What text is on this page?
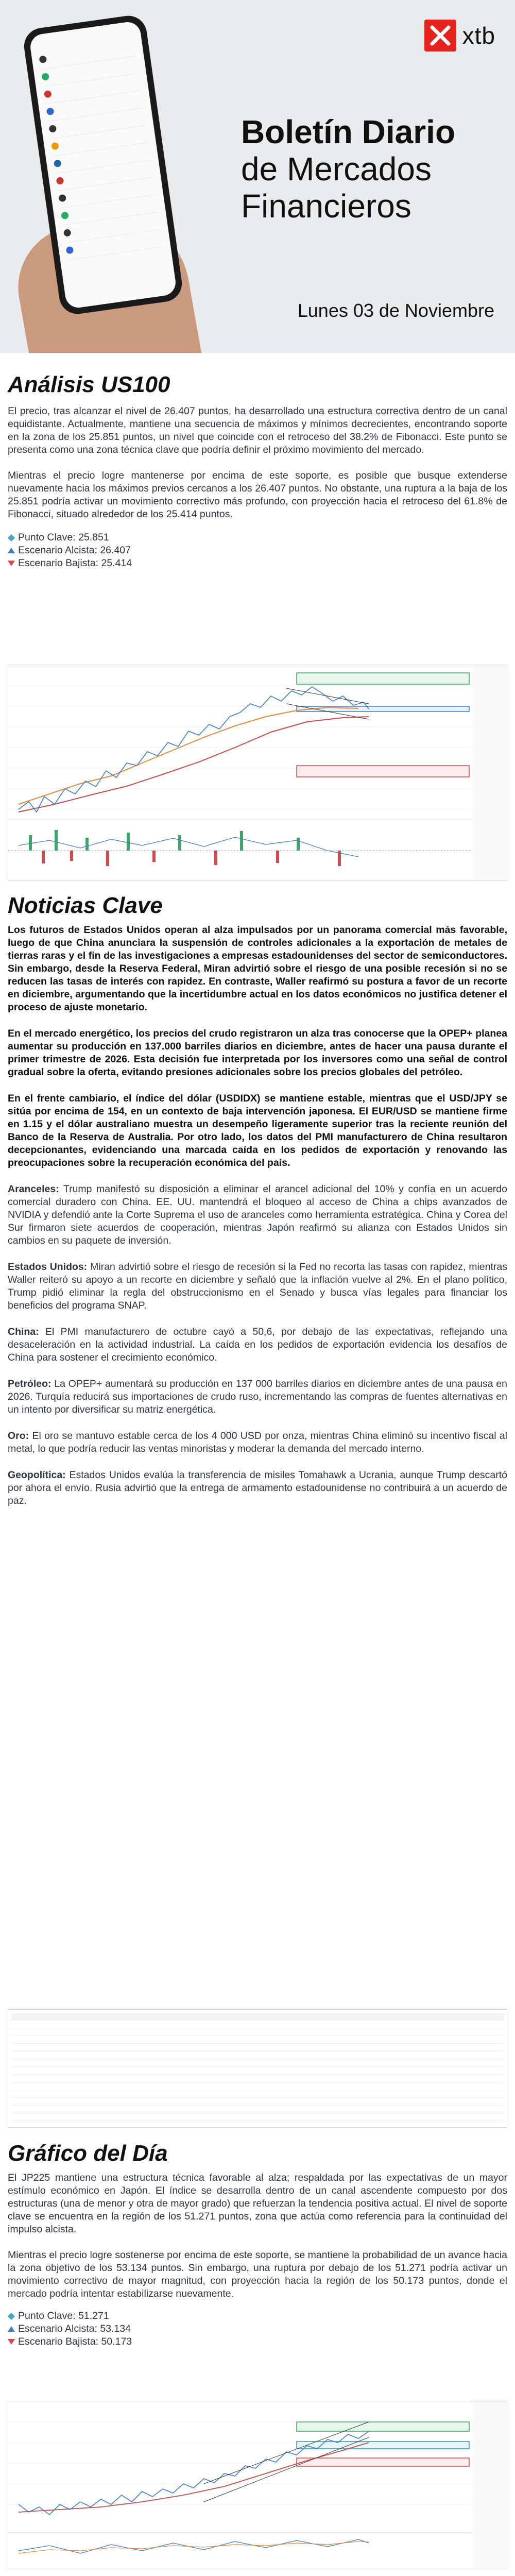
xtb
Boletín Diario
de Mercados
Financieros
Lunes 03 de Noviembre
Análisis US100

El precio, tras alcanzar el nivel de 26.407 puntos, ha desarrollado una estructura correctiva dentro de un canal equidistante. Actualmente, mantiene una secuencia de máximos y mínimos decrecientes, encontrando soporte en la zona de los 25.851 puntos, un nivel que coincide con el retroceso del 38.2% de Fibonacci. Este punto se presenta como una zona técnica clave que podría definir el próximo movimiento del mercado.

Mientras el precio logre mantenerse por encima de este soporte, es posible que busque extenderse nuevamente hacia los máximos previos cercanos a los 26.407 puntos. No obstante, una ruptura a la baja de los 25.851 podría activar un movimiento correctivo más profundo, con proyección hacia el retroceso del 61.8% de Fibonacci, situado alrededor de los 25.414 puntos.

Punto Clave: 25.851
Escenario Alcista: 26.407
Escenario Bajista: 25.414
Noticias Clave

Los futuros de Estados Unidos operan al alza impulsados por un panorama comercial más favorable, luego de que China anunciara la suspensión de controles adicionales a la exportación de metales de tierras raras y el fin de las investigaciones a empresas estadounidenses del sector de semiconductores. Sin embargo, desde la Reserva Federal, Miran advirtió sobre el riesgo de una posible recesión si no se reducen las tasas de interés con rapidez. En contraste, Waller reafirmó su postura a favor de un recorte en diciembre, argumentando que la incertidumbre actual en los datos económicos no justifica detener el proceso de ajuste monetario.

En el mercado energético, los precios del crudo registraron un alza tras conocerse que la OPEP+ planea aumentar su producción en 137.000 barriles diarios en diciembre, antes de hacer una pausa durante el primer trimestre de 2026. Esta decisión fue interpretada por los inversores como una señal de control gradual sobre la oferta, evitando presiones adicionales sobre los precios globales del petróleo.

En el frente cambiario, el índice del dólar (USDIDX) se mantiene estable, mientras que el USD/JPY se sitúa por encima de 154, en un contexto de baja intervención japonesa. El EUR/USD se mantiene firme en 1.15 y el dólar australiano muestra un desempeño ligeramente superior tras la reciente reunión del Banco de la Reserva de Australia. Por otro lado, los datos del PMI manufacturero de China resultaron decepcionantes, evidenciando una marcada caída en los pedidos de exportación y renovando las preocupaciones sobre la recuperación económica del país.

Aranceles: Trump manifestó su disposición a eliminar el arancel adicional del 10% y confía en un acuerdo comercial duradero con China. EE. UU. mantendrá el bloqueo al acceso de China a chips avanzados de NVIDIA y defendió ante la Corte Suprema el uso de aranceles como herramienta estratégica. China y Corea del Sur firmaron siete acuerdos de cooperación, mientras Japón reafirmó su alianza con Estados Unidos sin cambios en su paquete de inversión.

Estados Unidos: Miran advirtió sobre el riesgo de recesión si la Fed no recorta las tasas con rapidez, mientras Waller reiteró su apoyo a un recorte en diciembre y señaló que la inflación vuelve al 2%. En el plano político, Trump pidió eliminar la regla del obstruccionismo en el Senado y busca vías legales para financiar los beneficios del programa SNAP.

China: El PMI manufacturero de octubre cayó a 50,6, por debajo de las expectativas, reflejando una desaceleración en la actividad industrial. La caída en los pedidos de exportación evidencia los desafíos de China para sostener el crecimiento económico.

Petróleo: La OPEP+ aumentará su producción en 137 000 barriles diarios en diciembre antes de una pausa en 2026. Turquía reducirá sus importaciones de crudo ruso, incrementando las compras de fuentes alternativas en un intento por diversificar su matriz energética.

Oro: El oro se mantuvo estable cerca de los 4 000 USD por onza, mientras China eliminó su incentivo fiscal al metal, lo que podría reducir las ventas minoristas y moderar la demanda del mercado interno.

Geopolítica: Estados Unidos evalúa la transferencia de misiles Tomahawk a Ucrania, aunque Trump descartó por ahora el envío. Rusia advirtió que la entrega de armamento estadounidense no contribuirá a un acuerdo de paz.

Gráfico del Día

El JP225 mantiene una estructura técnica favorable al alza; respaldada por las expectativas de un mayor estímulo económico en Japón. El índice se desarrolla dentro de un canal ascendente compuesto por dos estructuras (una de menor y otra de mayor grado) que refuerzan la tendencia positiva actual. El nivel de soporte clave se encuentra en la región de los 51.271 puntos, zona que actúa como referencia para la continuidad del impulso alcista.

Mientras el precio logre sostenerse por encima de este soporte, se mantiene la probabilidad de un avance hacia la zona objetivo de los 53.134 puntos. Sin embargo, una ruptura por debajo de los 51.271 podría activar un movimiento correctivo de mayor magnitud, con proyección hacia la región de los 50.173 puntos, donde el mercado podría intentar estabilizarse nuevamente.

Punto Clave: 51.271
Escenario Alcista: 53.134
Escenario Bajista: 50.173
